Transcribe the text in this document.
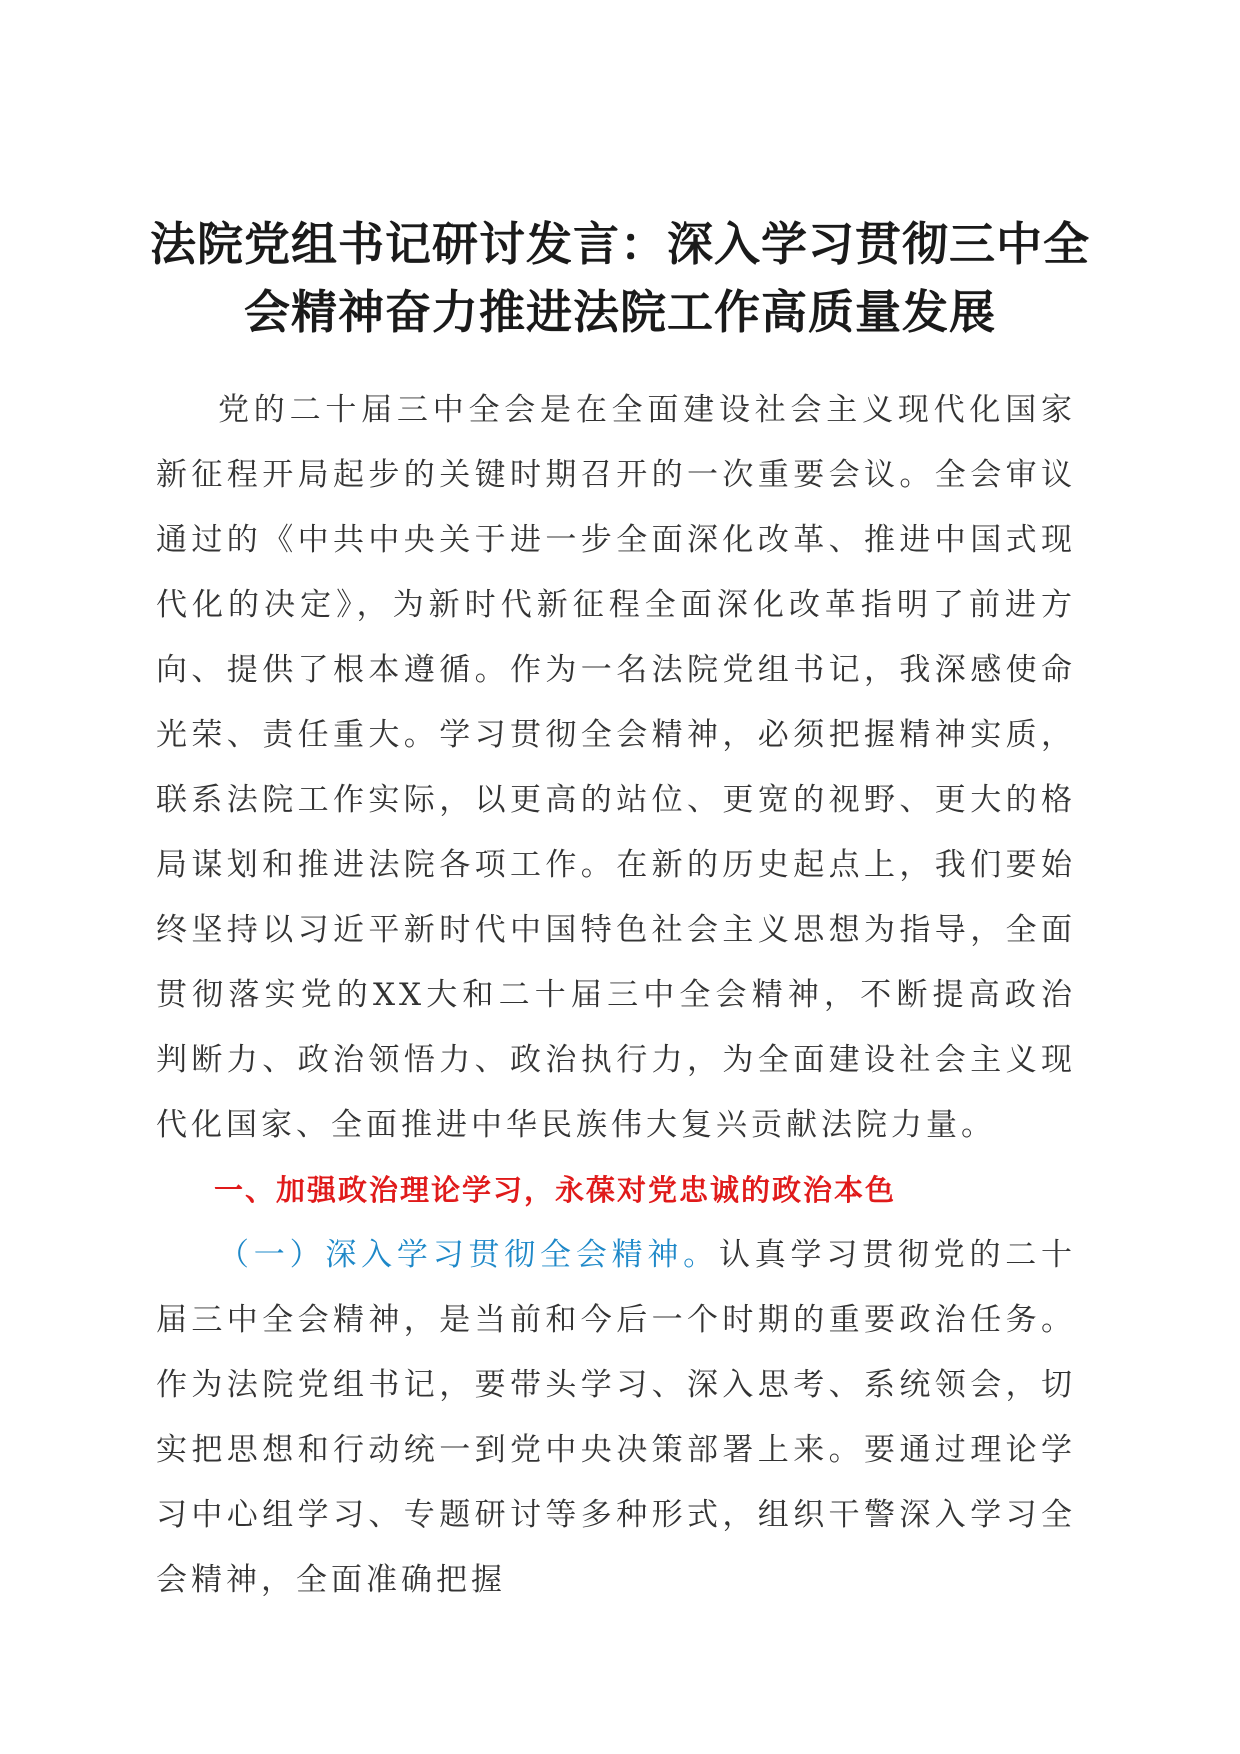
法院党组书记研讨发言：深入学习贯彻三中全
会精神奋力推进法院工作高质量发展

党的二十届三中全会是在全面建设社会主义现代化国家新征程开局起步的关键时期召开的一次重要会议。全会审议通过的《中共中央关于进一步全面深化改革、推进中国式现代化的决定》，为新时代新征程全面深化改革指明了前进方向、提供了根本遵循。作为一名法院党组书记，我深感使命光荣、责任重大。学习贯彻全会精神，必须把握精神实质，联系法院工作实际，以更高的站位、更宽的视野、更大的格局谋划和推进法院各项工作。在新的历史起点上，我们要始终坚持以习近平新时代中国特色社会主义思想为指导，全面贯彻落实党的XX大和二十届三中全会精神，不断提高政治判断力、政治领悟力、政治执行力，为全面建设社会主义现代化国家、全面推进中华民族伟大复兴贡献法院力量。

一、加强政治理论学习，永葆对党忠诚的政治本色

（一）深入学习贯彻全会精神。认真学习贯彻党的二十届三中全会精神，是当前和今后一个时期的重要政治任务。作为法院党组书记，要带头学习、深入思考、系统领会，切实把思想和行动统一到党中央决策部署上来。要通过理论学习中心组学习、专题研讨等多种形式，组织干警深入学习全会精神，全面准确把握
